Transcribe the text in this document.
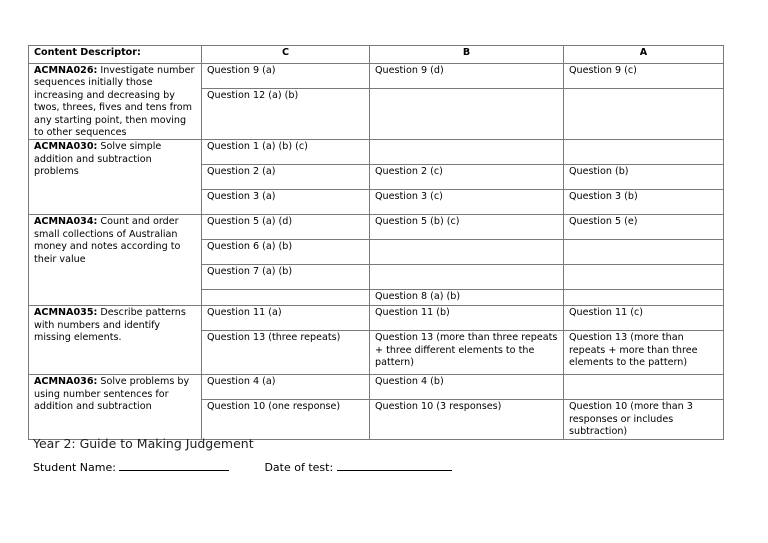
Content Descriptor:	C	B	A
ACMNA026: Investigate number sequences initially those increasing and decreasing by twos, threes, fives and tens from any starting point, then moving to other sequences	Question 9 (a)	Question 9 (d)	Question 9 (c)
	Question 12 (a) (b)		
ACMNA030: Solve simple addition and subtraction problems	Question 1 (a) (b) (c)		
	Question 2 (a)	Question 2 (c)	Question (b)
	Question 3 (a)	Question 3 (c)	Question 3 (b)
ACMNA034: Count and order small collections of Australian money and notes according to their value	Question 5 (a) (d)	Question 5 (b) (c)	Question 5 (e)
	Question 6 (a) (b)		
	Question 7 (a) (b)		
		Question 8 (a) (b)	
ACMNA035: Describe patterns with numbers and identify missing elements.	Question 11 (a)	Question 11 (b)	Question 11 (c)
	Question 13 (three repeats)	Question 13 (more than three repeats + three different elements to the pattern)	Question 13 (more than repeats + more than three elements to the pattern)
ACMNA036: Solve problems by using number sentences for addition and subtraction	Question 4 (a)	Question 4 (b)	
	Question 10 (one response)	Question 10 (3 responses)	Question 10 (more than 3 responses or includes subtraction)
Year 2: Guide to Making Judgement
Student Name:	Date of test:
